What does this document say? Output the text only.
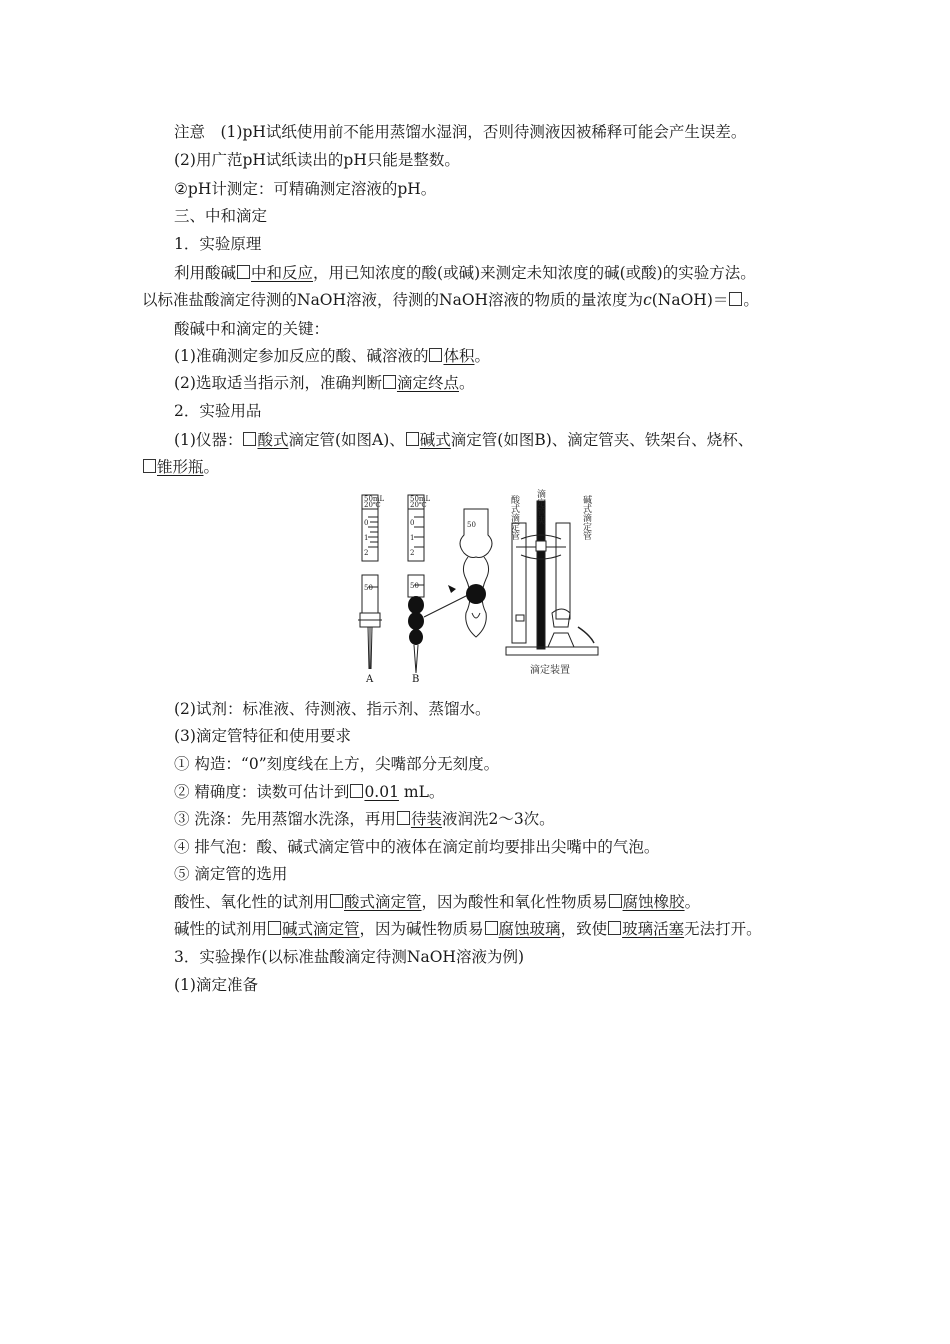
注意　(1)pH试纸使用前不能用蒸馏水湿润，否则待测液因被稀释可能会产生误差。
(2)用广范pH试纸读出的pH只能是整数。
②pH计测定：可精确测定溶液的pH。
三、中和滴定
1．实验原理
利用酸碱 中和反应，用已知浓度的酸(或碱)来测定未知浓度的碱(或酸)的实验方法。
以标准盐酸滴定待测的NaOH溶液，待测的NaOH溶液的物质的量浓度为c(NaOH)＝ 。
酸碱中和滴定的关键：
(1)准确测定参加反应的酸、碱溶液的 体积。
(2)选取适当指示剂，准确判断 滴定终点。
2．实验用品
(1)仪器： 酸式滴定管(如图A)、 碱式滴定管(如图B)、滴定管夹、铁架台、烧杯、
锥形瓶。
50mL
20℃
50mL
20℃
0
1
2
0
1
2
50	50
50
A	B
滴定装置
滴定管夹
酸式滴定管	碱式滴定管
(2)试剂：标准液、待测液、指示剂、蒸馏水。
(3)滴定管特征和使用要求
① 构造：“0”刻度线在上方，尖嘴部分无刻度。
② 精确度：读数可估计到 0.01 mL。
③ 洗涤：先用蒸馏水洗涤，再用 待装液润洗2～3次。
④ 排气泡：酸、碱式滴定管中的液体在滴定前均要排出尖嘴中的气泡。
⑤ 滴定管的选用
酸性、氧化性的试剂用 酸式滴定管，因为酸性和氧化性物质易 腐蚀橡胶。
碱性的试剂用 碱式滴定管，因为碱性物质易 腐蚀玻璃，致使 玻璃活塞无法打开。
3．实验操作(以标准盐酸滴定待测NaOH溶液为例)
(1)滴定准备
